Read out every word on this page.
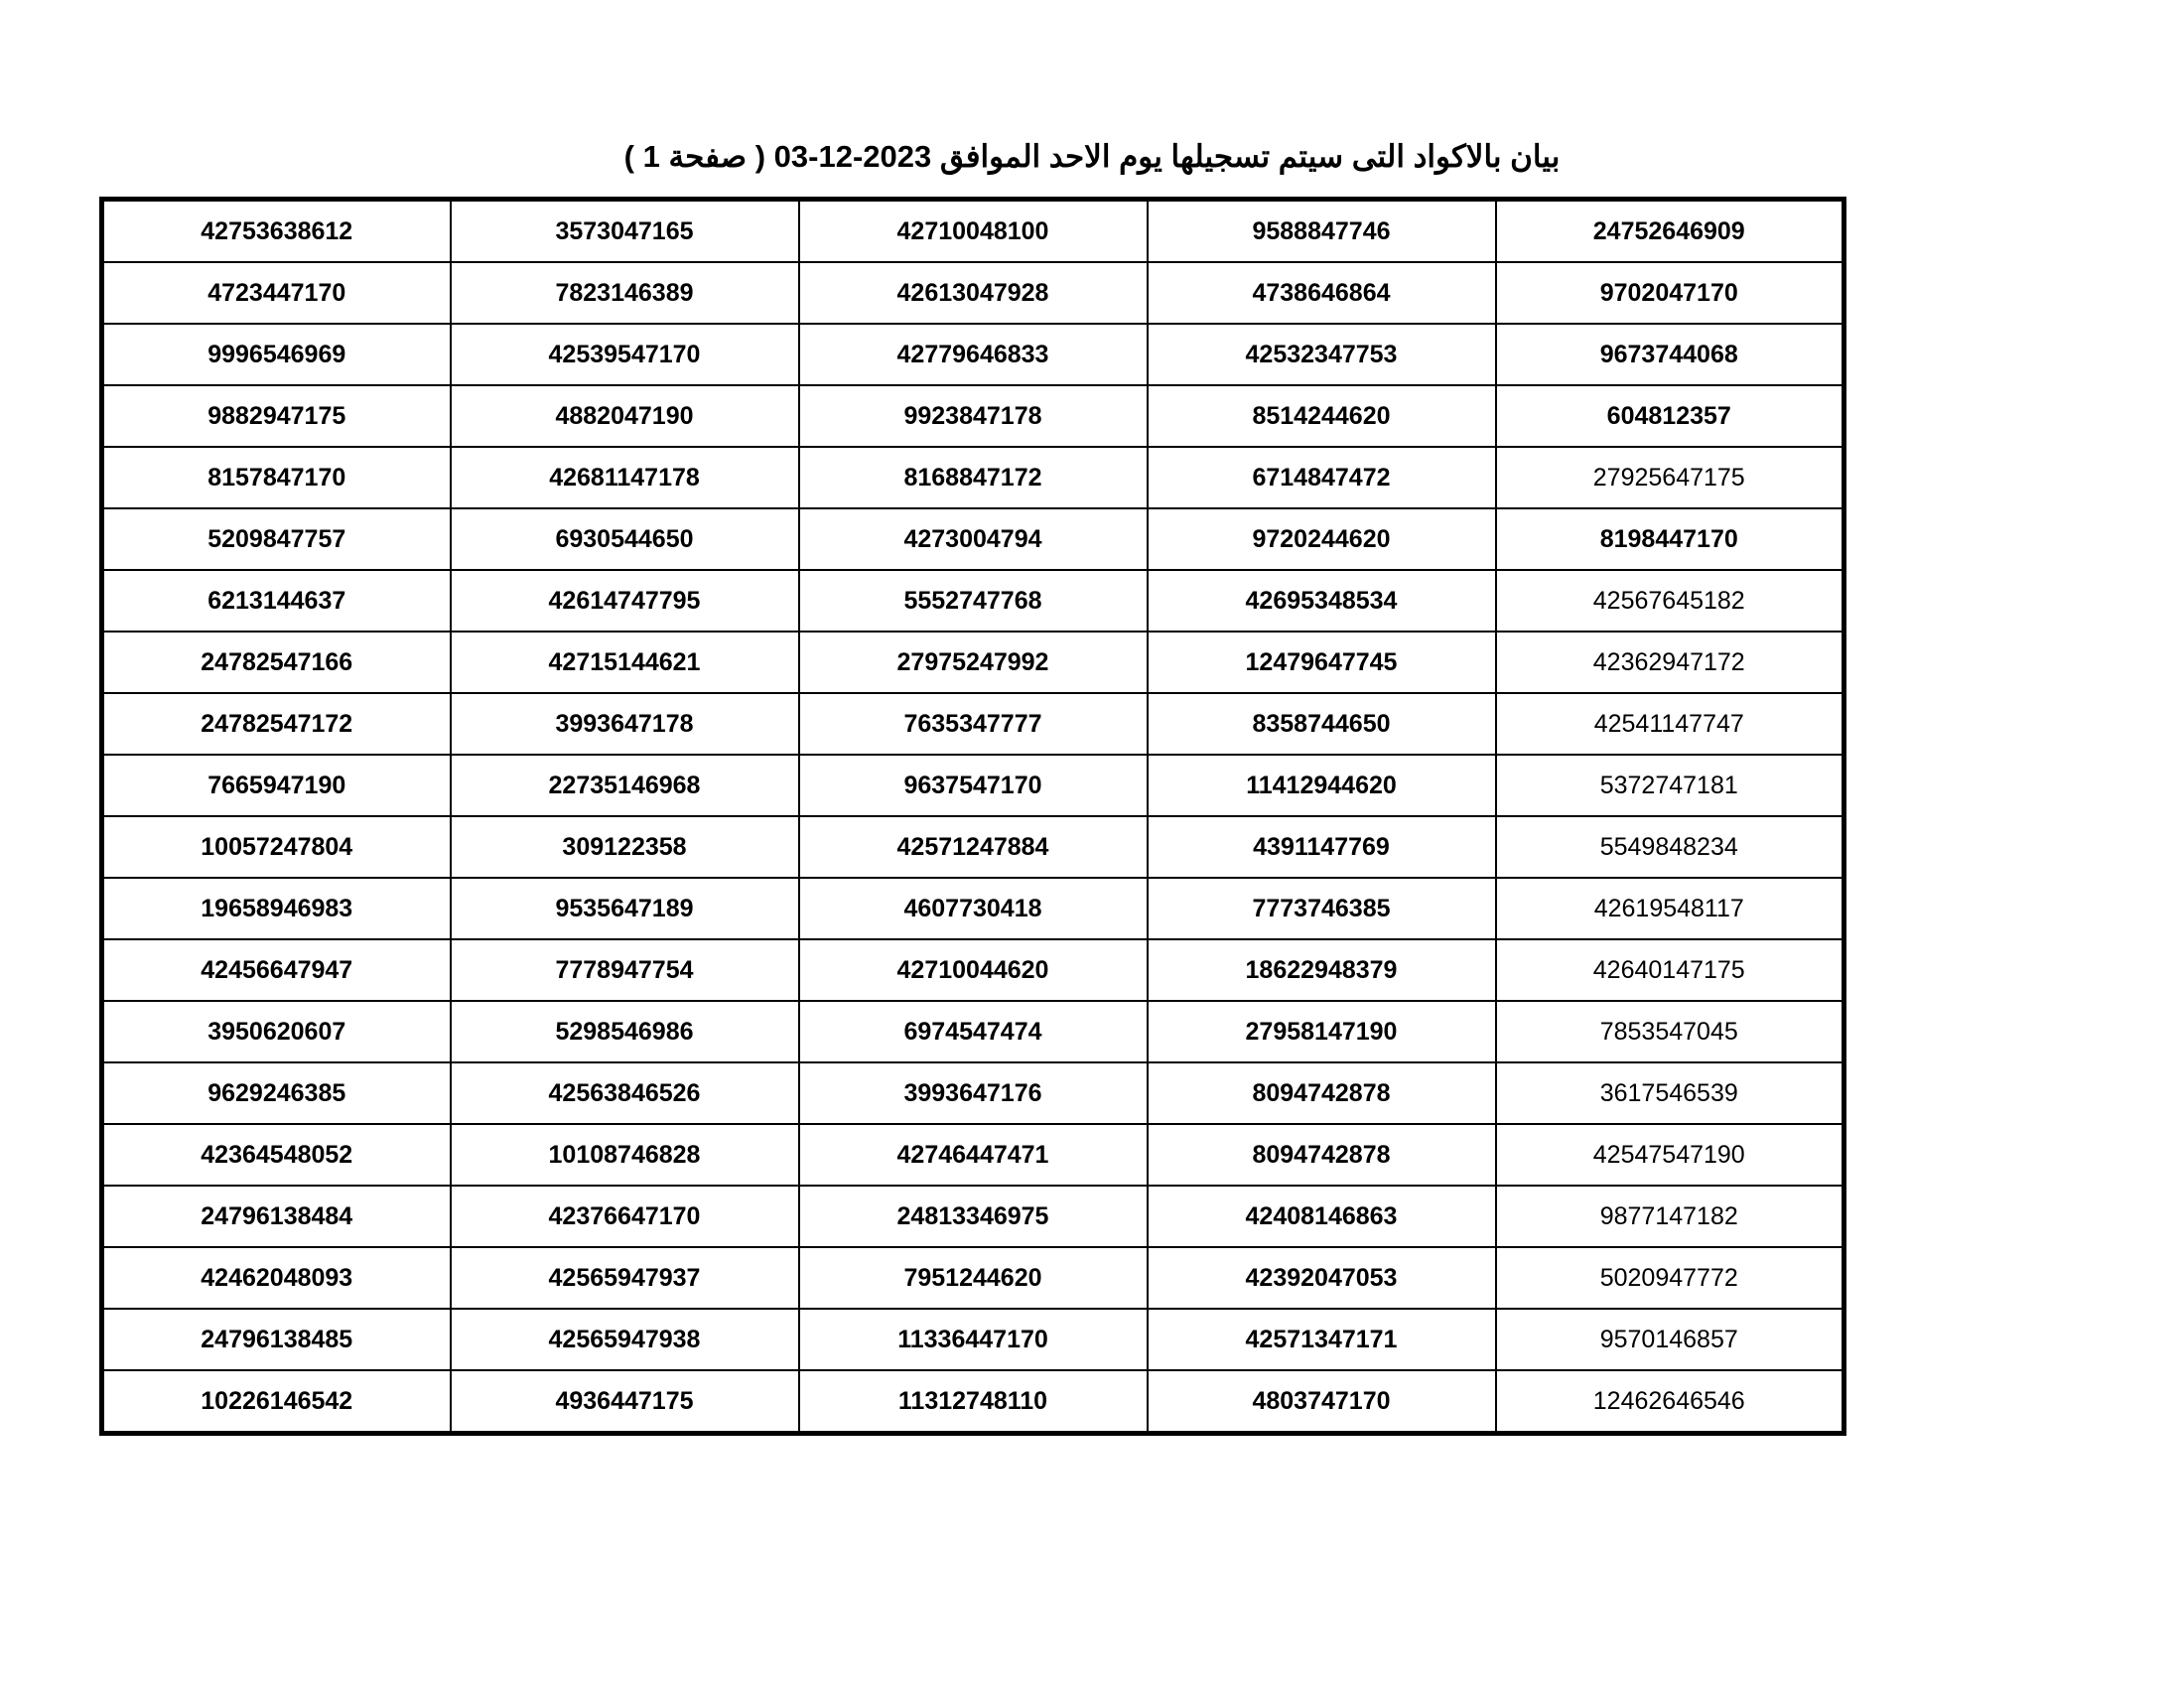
بيان بالاكواد التى سيتم تسجيلها يوم الاحد الموافق 2023-12-03 ( صفحة 1 )
24752646909	9588847746	42710048100	3573047165	42753638612
9702047170	4738646864	42613047928	7823146389	4723447170
9673744068	42532347753	42779646833	42539547170	9996546969
604812357	8514244620	9923847178	4882047190	9882947175
27925647175	6714847472	8168847172	42681147178	8157847170
8198447170	9720244620	4273004794	6930544650	5209847757
42567645182	42695348534	5552747768	42614747795	6213144637
42362947172	12479647745	27975247992	42715144621	24782547166
42541147747	8358744650	7635347777	3993647178	24782547172
5372747181	11412944620	9637547170	22735146968	7665947190
5549848234	4391147769	42571247884	309122358	10057247804
42619548117	7773746385	4607730418	9535647189	19658946983
42640147175	18622948379	42710044620	7778947754	42456647947
7853547045	27958147190	6974547474	5298546986	3950620607
3617546539	8094742878	3993647176	42563846526	9629246385
42547547190	8094742878	42746447471	10108746828	42364548052
9877147182	42408146863	24813346975	42376647170	24796138484
5020947772	42392047053	7951244620	42565947937	42462048093
9570146857	42571347171	11336447170	42565947938	24796138485
12462646546	4803747170	11312748110	4936447175	10226146542
